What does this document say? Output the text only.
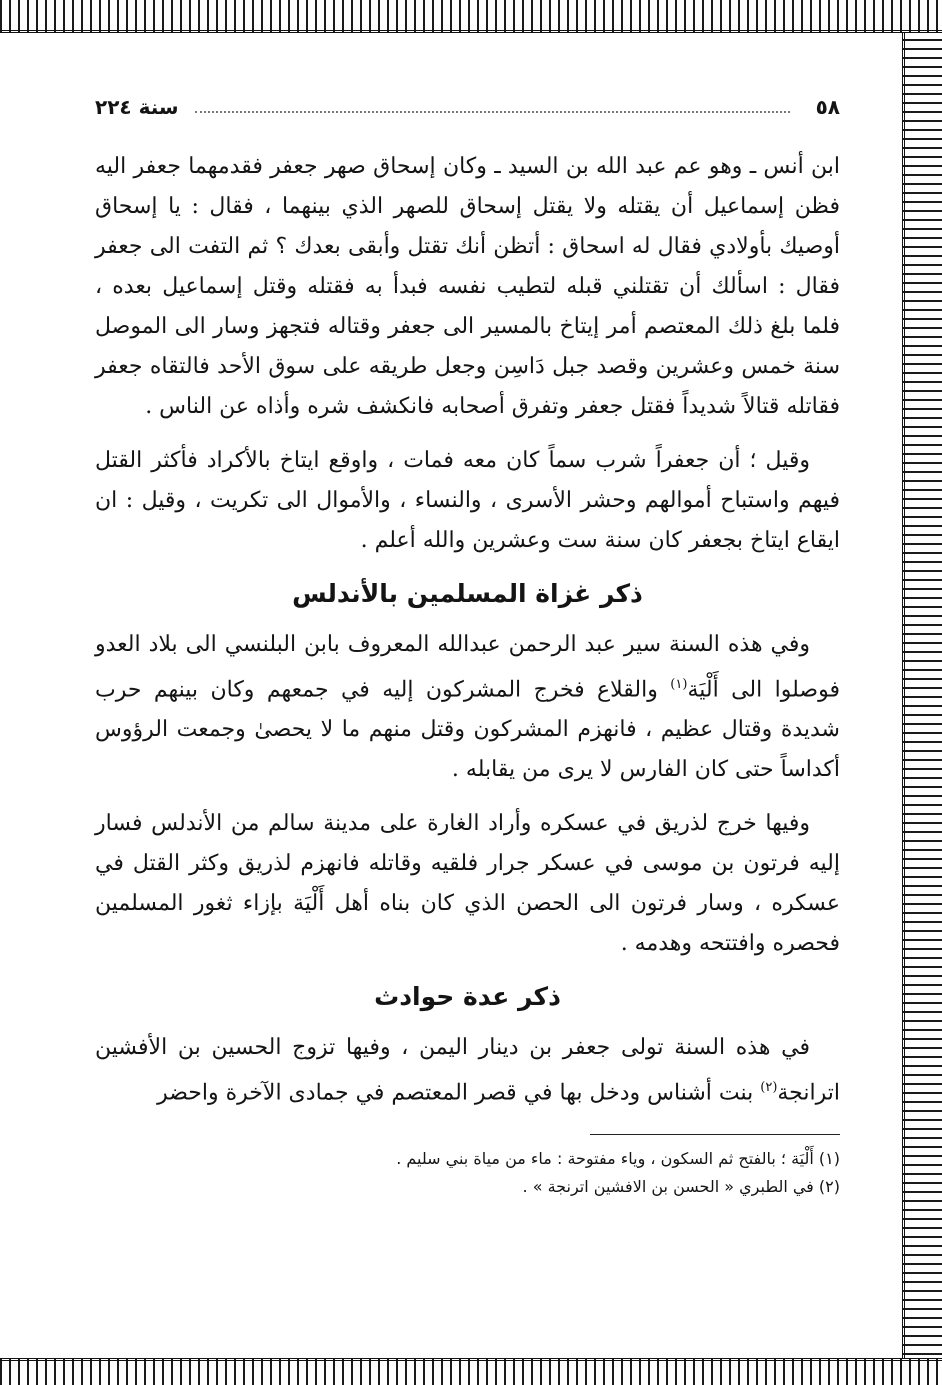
٥٨
سنة ٢٢٤

ابن أنس ـ وهو عم عبد الله بن السيد ـ وكان إسحاق صهر جعفر فقدمهما جعفر اليه فظن إسماعيل أن يقتله ولا يقتل إسحاق للصهر الذي بينهما ، فقال : يا إسحاق أوصيك بأولادي فقال له اسحاق : أتظن أنك تقتل وأبقى بعدك ؟ ثم التفت الى جعفر فقال : اسألك أن تقتلني قبله لتطيب نفسه فبدأ به فقتله وقتل إسماعيل بعده ، فلما بلغ ذلك المعتصم أمر إيتاخ بالمسير الى جعفر وقتاله فتجهز وسار الى الموصل سنة خمس وعشرين وقصد جبل دَاسِن وجعل طريقه على سوق الأحد فالتقاه جعفر فقاتله قتالاً شديداً فقتل جعفر وتفرق أصحابه فانكشف شره وأذاه عن الناس .

وقيل ؛ أن جعفراً شرب سماً كان معه فمات ، واوقع ايتاخ بالأكراد فأكثر القتل فيهم واستباح أموالهم وحشر الأسرى ، والنساء ، والأموال الى تكريت ، وقيل : ان ايقاع ايتاخ بجعفر كان سنة ست وعشرين والله أعلم .

ذكر غزاة المسلمين بالأندلس

وفي هذه السنة سير عبد الرحمن عبدالله المعروف بابن البلنسي الى بلاد العدو فوصلوا الى أَلْيَة$^{(١)}$ والقلاع فخرج المشركون إليه في جمعهم وكان بينهم حرب شديدة وقتال عظيم ، فانهزم المشركون وقتل منهم ما لا يحصىٰ وجمعت الرؤوس أكداساً حتى كان الفارس لا يرى من يقابله .

وفيها خرج لذريق في عسكره وأراد الغارة على مدينة سالم من الأندلس فسار إليه فرتون بن موسى في عسكر جرار فلقيه وقاتله فانهزم لذريق وكثر القتل في عسكره ، وسار فرتون الى الحصن الذي كان بناه أهل أَلْيَة بإزاء ثغور المسلمين فحصره وافتتحه وهدمه .

ذكر عدة حوادث

في هذه السنة تولى جعفر بن دينار اليمن ، وفيها تزوج الحسين بن الأفشين اترانجة$^{(٢)}$ بنت أشناس ودخل بها في قصر المعتصم في جمادى الآخرة واحضر

(١) أَلْيَة ؛ بالفتح ثم السكون ، وياء مفتوحة : ماء من مياة بني سليم .
(٢) في الطبري « الحسن بن الافشين اترنجة » .
